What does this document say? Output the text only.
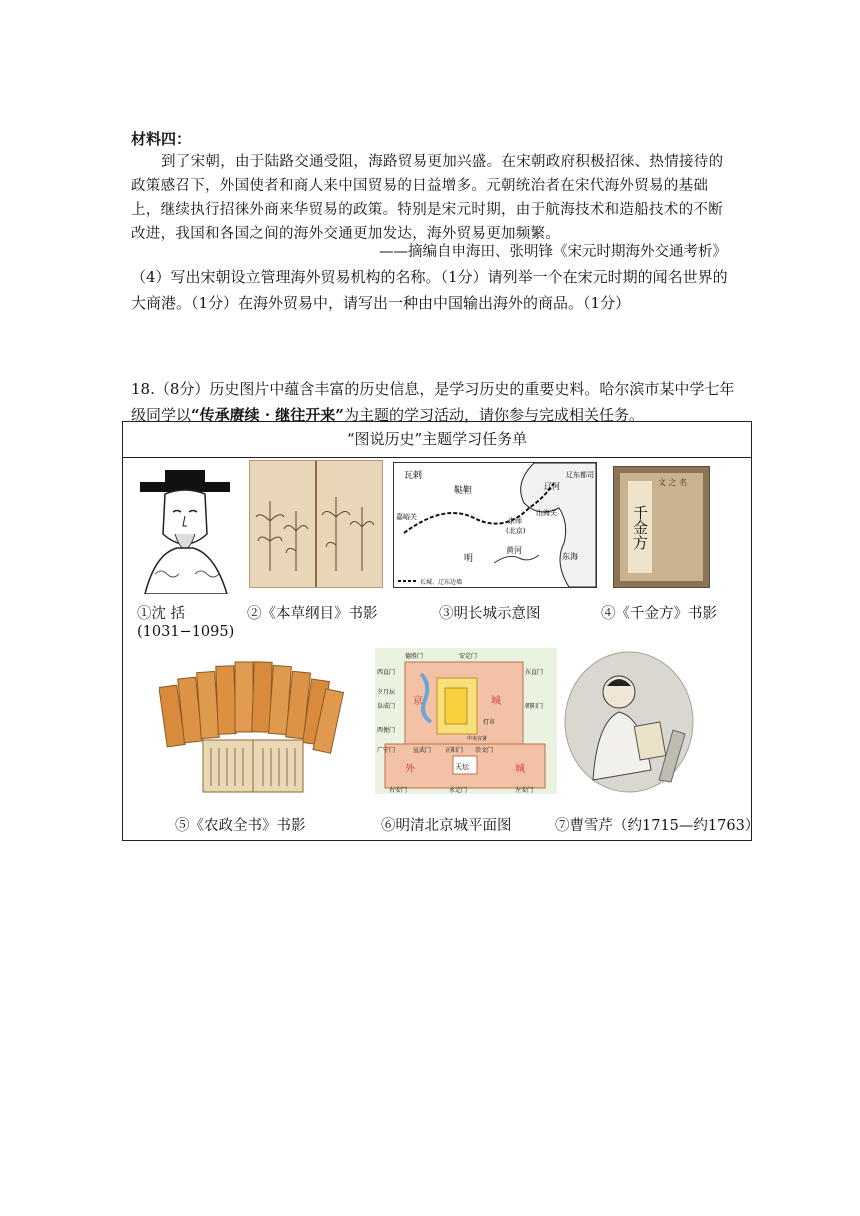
材料四：
到了宋朝，由于陆路交通受阻，海路贸易更加兴盛。在宋朝政府积极招徕、热情接待的政策感召下，外国使者和商人来中国贸易的日益增多。元朝统治者在宋代海外贸易的基础上，继续执行招徕外商来华贸易的政策。特别是宋元时期，由于航海技术和造船技术的不断改进，我国和各国之间的海外交通更加发达，海外贸易更加频繁。
——摘编自申海田、张明锋《宋元时期海外交通考析》
（4）写出宋朝设立管理海外贸易机构的名称。（1分）请列举一个在宋元时期的闻名世界的大商港。（1分）在海外贸易中，请写出一种由中国输出海外的商品。（1分）
18.（8分）历史图片中蕴含丰富的历史信息，是学习历史的重要史料。哈尔滨市某中学七年级同学以“传承赓续 · 继往开来”为主题的学习活动，请你参与完成相关任务。
“图说历史”主题学习任务单
①沈 括
(1031−1095)
②《本草纲目》书影
瓦剌
鞑靼	辽河
辽东都司
嘉峪关	山海关
京师
(北京)
明
黄河
东海
长城、辽东边墙
③明长城示意图
千金方
文 之 名
④《千金方》书影
⑤《农政全书》书影
京	城
外	城
天坛
德胜门	安定门
西直门	东直门
夕月坛
阜成门	朝阳门
西便门
广宁门	宣武门 正阳门 崇文门
右安门	永定门	左安门
灯市
中央官署
⑥明清北京城平面图	⑦曹雪芹（约1715—约1763）
